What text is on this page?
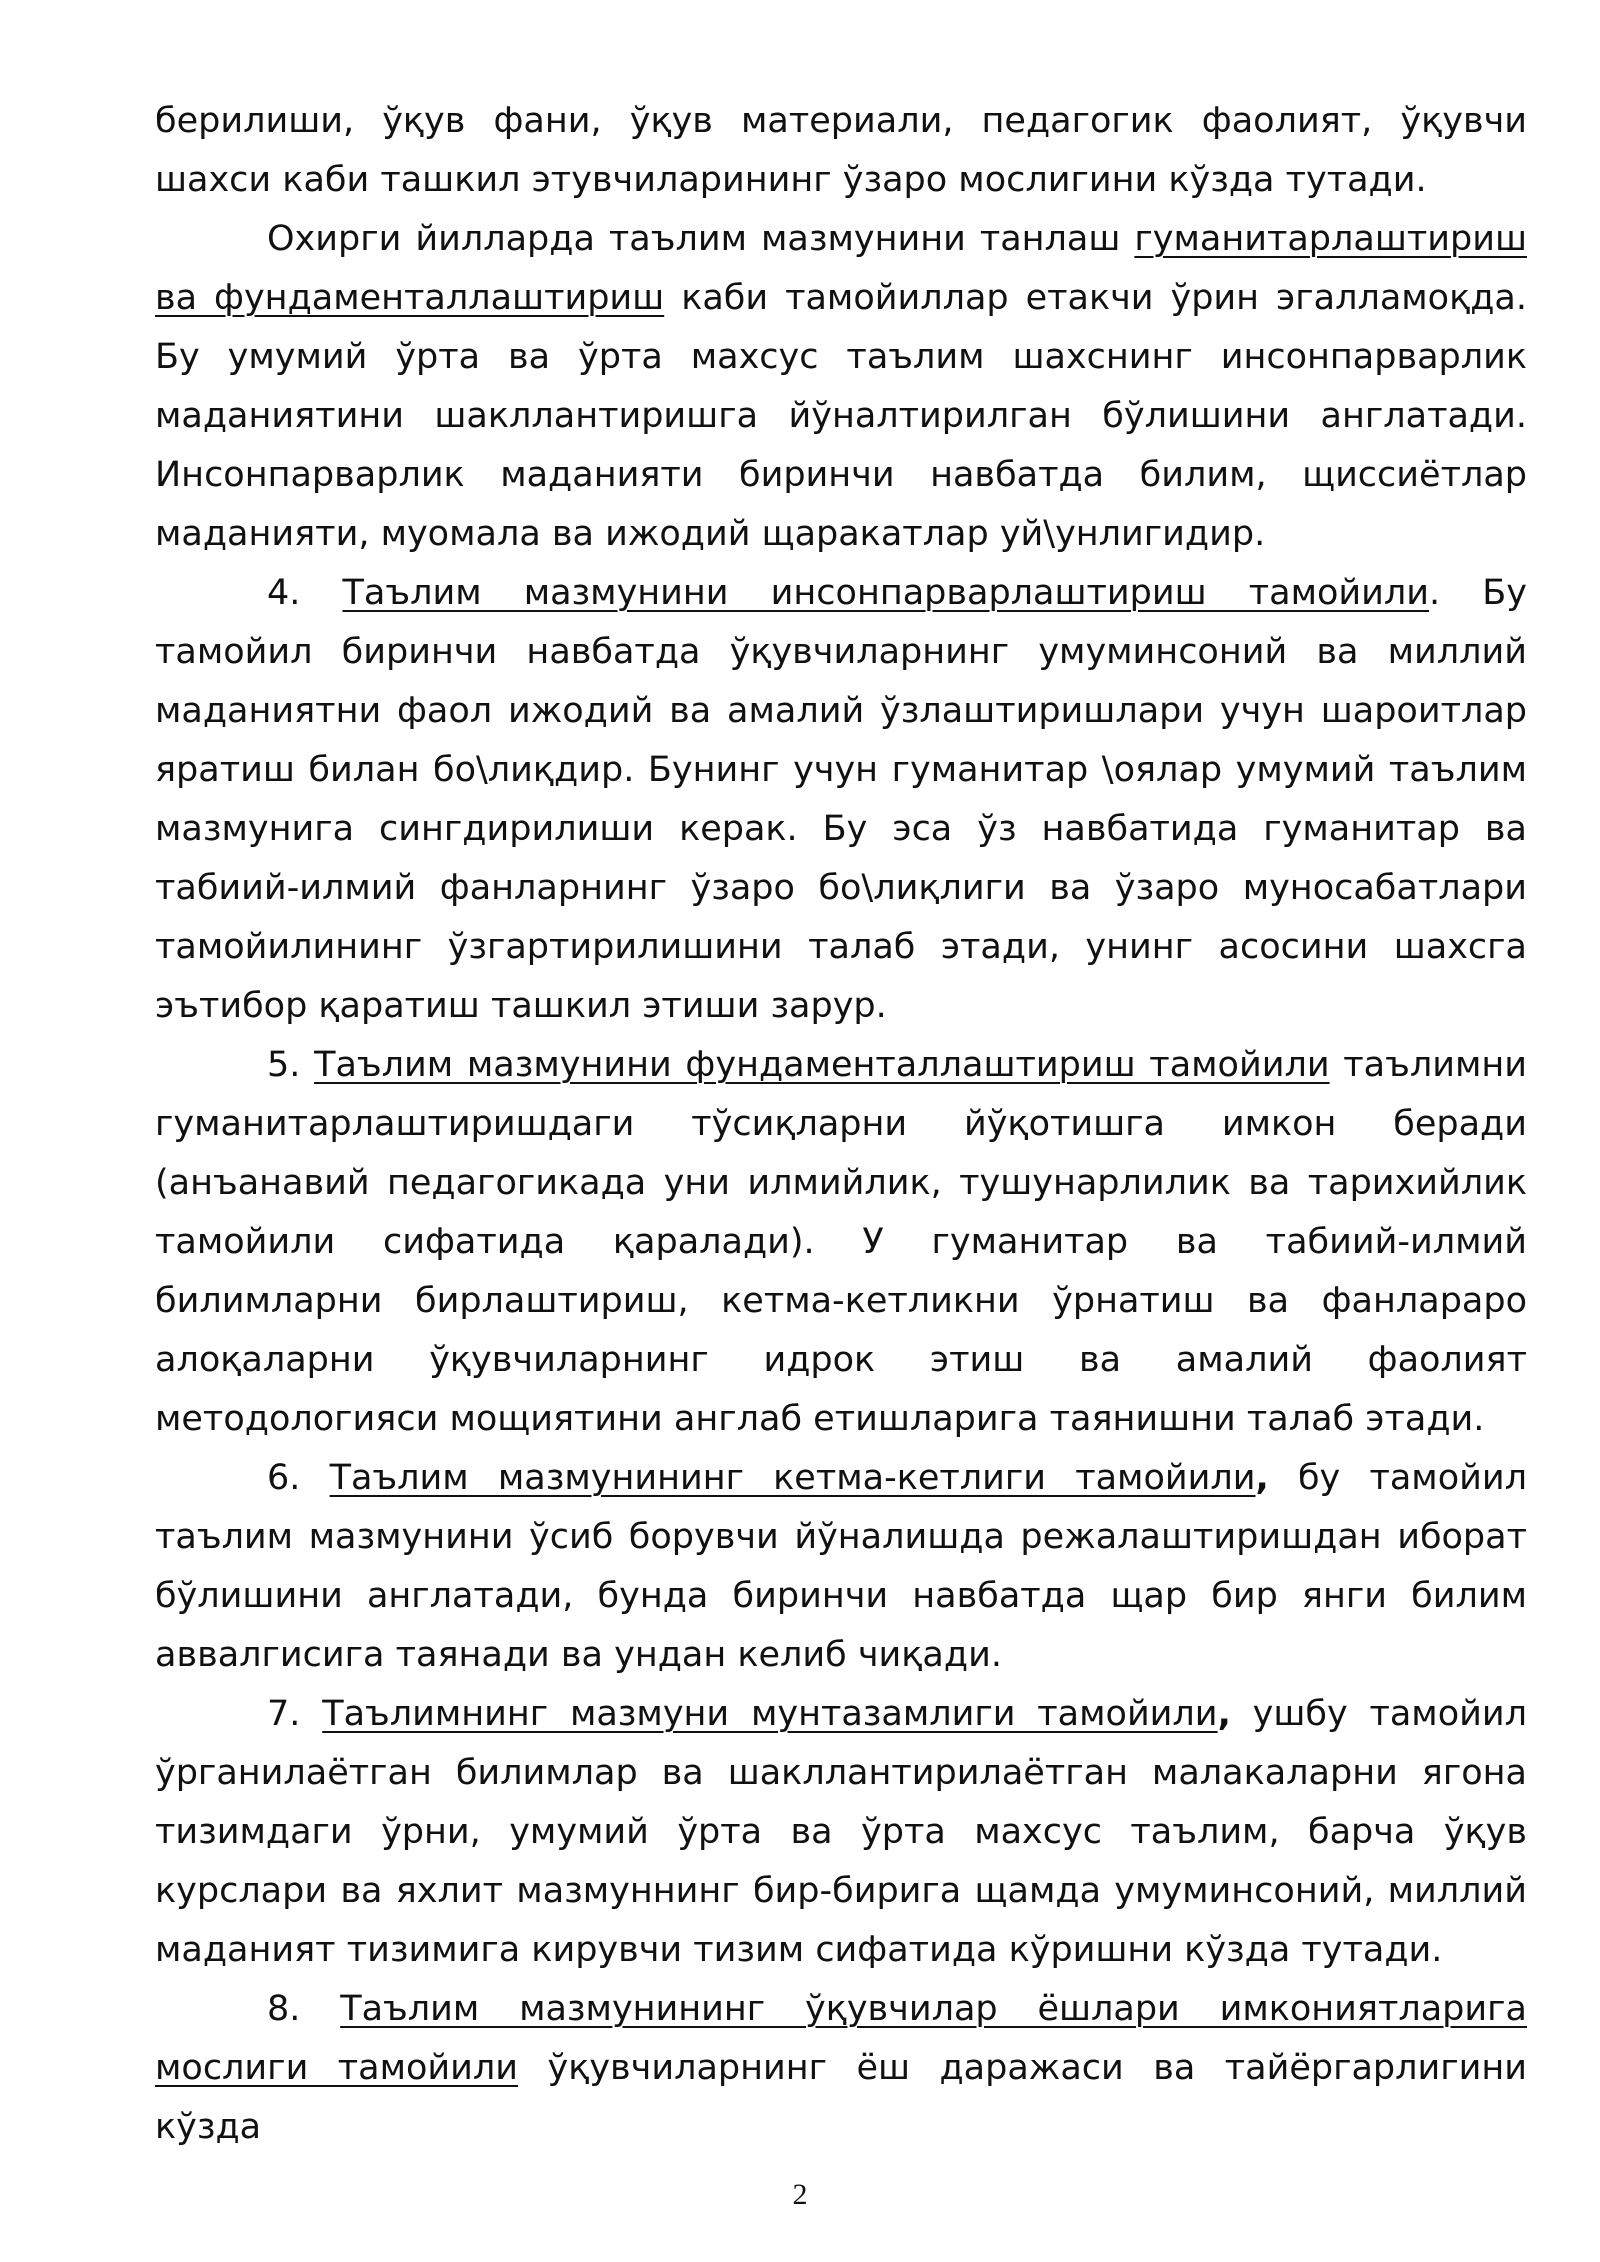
берилиши, ўқув фани, ўқув материали, педагогик фаолият, ўқувчи шахси каби ташкил этувчиларининг ўзаро мослигини кўзда тутади.

Охирги йилларда таълим мазмунини танлаш гуманитарлаштириш ва фундаменталлаштириш каби тамойиллар етакчи ўрин эгалламоқда. Бу умумий ўрта ва ўрта махсус таълим шахснинг инсонпарварлик маданиятини шакллантиришга йўналтирилган бўлишини англатади. Инсонпарварлик маданияти биринчи навбатда билим, щиссиётлар маданияти, муомала ва ижодий щаракатлар уй\унлигидир.

4. Таълим мазмунини инсонпарварлаштириш тамойили. Бу тамойил биринчи навбатда ўқувчиларнинг умуминсоний ва миллий маданиятни фаол ижодий ва амалий ўзлаштиришлари учун шароитлар яратиш билан бо\лиқдир. Бунинг учун гуманитар \оялар умумий таълим мазмунига сингдирилиши керак. Бу эса ўз навбатида гуманитар ва табиий-илмий фанларнинг ўзаро бо\лиқлиги ва ўзаро муносабатлари тамойилининг ўзгартирилишини талаб этади, унинг асосини шахсга эътибор қаратиш ташкил этиши зарур.

5. Таълим мазмунини фундаменталлаштириш тамойили таълимни гуманитарлаштиришдаги тўсиқларни йўқотишга имкон беради (анъанавий педагогикада уни илмийлик, тушунарлилик ва тарихийлик тамойили сифатида қаралади). У гуманитар ва табиий-илмий билимларни бирлаштириш, кетма-кетликни ўрнатиш ва фанлараро алоқаларни ўқувчиларнинг идрок этиш ва амалий фаолият методологияси мощиятини англаб етишларига таянишни талаб этади.

6. Таълим мазмунининг кетма-кетлиги тамойили, бу тамойил таълим мазмунини ўсиб борувчи йўналишда режалаштиришдан иборат бўлишини англатади, бунда биринчи навбатда щар бир янги билим аввалгисига таянади ва ундан келиб чиқади.

7. Таълимнинг мазмуни мунтазамлиги тамойили, ушбу тамойил ўрганилаётган билимлар ва шакллантирилаётган малакаларни ягона тизимдаги ўрни, умумий ўрта ва ўрта махсус таълим, барча ўқув курслари ва яхлит мазмуннинг бир-бирига щамда умуминсоний, миллий маданият тизимига кирувчи тизим сифатида кўришни кўзда тутади.

8. Таълим мазмунининг ўқувчилар ёшлари имкониятларига мослиги тамойили ўқувчиларнинг ёш даражаси ва тайёргарлигини кўзда

2
